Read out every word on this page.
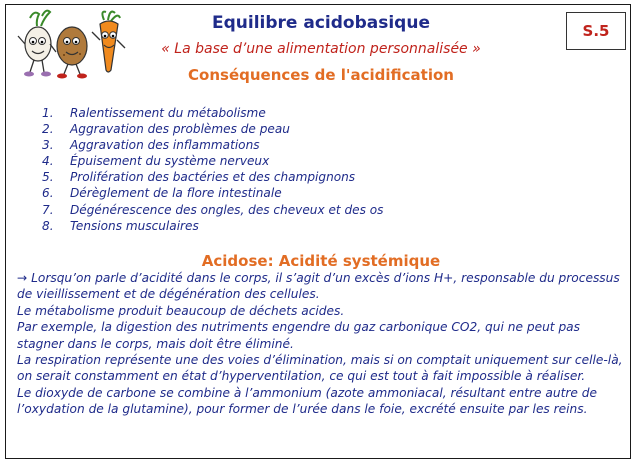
Equilibre acidobasique
« La base d’une alimentation personnalisée »
Conséquences de l'acidification
S.5
1. Ralentissement du métabolisme
2. Aggravation des problèmes de peau
3. Aggravation des inflammations
4. Épuisement du système nerveux
5. Prolifération des bactéries et des champignons
6. Dérèglement de la flore intestinale
7. Dégénérescence des ongles, des cheveux et des os
8. Tensions musculaires
Acidose: Acidité systémique

→ Lorsqu’on parle d’acidité dans le corps, il s’agit d’un excès d’ions H+, responsable du processus de vieillissement et de dégénération des cellules.

Le métabolisme produit beaucoup de déchets acides.

Par exemple, la digestion des nutriments engendre du gaz carbonique CO2, qui ne peut pas stagner dans le corps, mais doit être éliminé.

La respiration représente une des voies d’élimination, mais si on comptait uniquement sur celle-là, on serait constamment en état d’hyperventilation, ce qui est tout à fait impossible à réaliser.

Le dioxyde de carbone se combine à l’ammonium (azote ammoniacal, résultant entre autre de l’oxydation de la glutamine), pour former de l’urée dans le foie, excrété ensuite par les reins.
